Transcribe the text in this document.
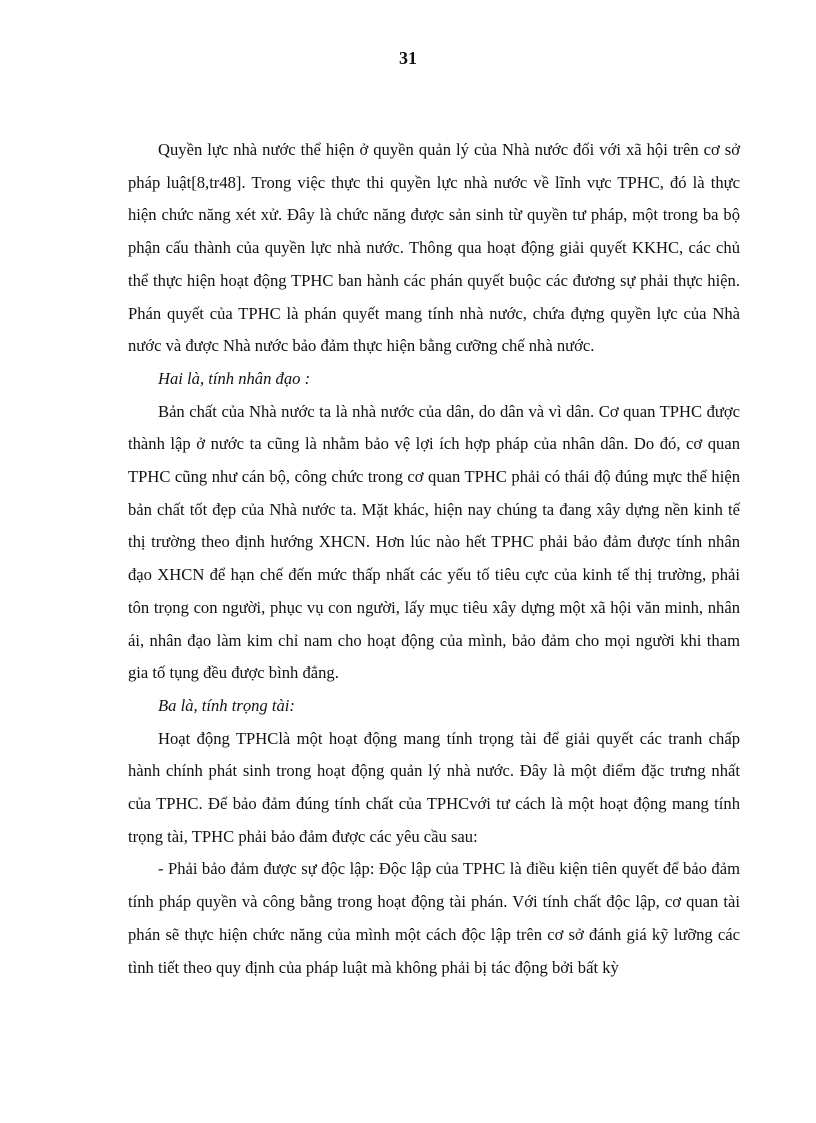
31

Quyền lực nhà nước thể hiện ở quyền quản lý của Nhà nước đối với xã hội trên cơ sở pháp luật[8,tr48]. Trong việc thực thi quyền lực nhà nước về lĩnh vực TPHC, đó là thực hiện chức năng xét xử. Đây là chức năng được sản sinh từ quyền tư pháp, một trong ba bộ phận cấu thành của quyền lực nhà nước. Thông qua hoạt động giải quyết KKHC, các chủ thể thực hiện hoạt động TPHC ban hành các phán quyết buộc các đương sự phải thực hiện. Phán quyết của TPHC là phán quyết mang tính nhà nước, chứa đựng quyền lực của Nhà nước và được Nhà nước bảo đảm thực hiện bằng cưỡng chế nhà nước.

Hai là, tính nhân đạo :

Bản chất của Nhà nước ta là nhà nước của dân, do dân và vì dân. Cơ quan TPHC được thành lập ở nước ta cũng là nhằm bảo vệ lợi ích hợp pháp của nhân dân. Do đó, cơ quan TPHC cũng như cán bộ, công chức trong cơ quan TPHC phải có thái độ đúng mực thể hiện bản chất tốt đẹp của Nhà nước ta. Mặt khác, hiện nay chúng ta đang xây dựng nền kinh tế thị trường theo định hướng XHCN. Hơn lúc nào hết TPHC phải bảo đảm được tính nhân đạo XHCN để hạn chế đến mức thấp nhất các yếu tố tiêu cực của kinh tế thị trường, phải tôn trọng con người, phục vụ con người, lấy mục tiêu xây dựng một xã hội văn minh, nhân ái, nhân đạo làm kim chỉ nam cho hoạt động của mình, bảo đảm cho mọi người khi tham gia tố tụng đều được bình đẳng.

Ba là, tính trọng tài:

Hoạt động TPHClà một hoạt động mang tính trọng tài để giải quyết các tranh chấp hành chính phát sinh trong hoạt động quản lý nhà nước. Đây là một điểm đặc trưng nhất của TPHC. Để bảo đảm đúng tính chất của TPHCvới tư cách là một hoạt động mang tính trọng tài, TPHC phải bảo đảm được các yêu cầu sau:

- Phải bảo đảm được sự độc lập: Độc lập của TPHC là điều kiện tiên quyết để bảo đảm tính pháp quyền và công bằng trong hoạt động tài phán. Với tính chất độc lập, cơ quan tài phán sẽ thực hiện chức năng của mình một cách độc lập trên cơ sở đánh giá kỹ lưỡng các tình tiết theo quy định của pháp luật mà không phải bị tác động bởi bất kỳ
